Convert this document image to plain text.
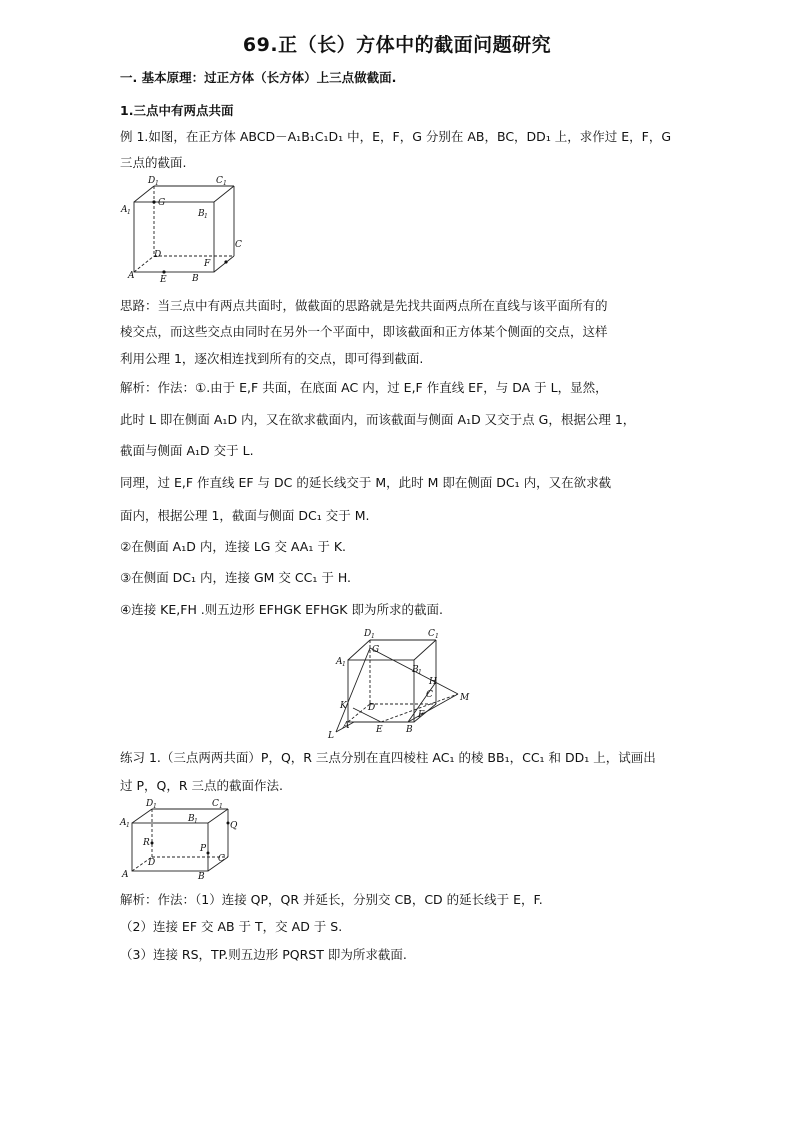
69.正（长）方体中的截面问题研究
一. 基本原理：过正方体（长方体）上三点做截面.
1.三点中有两点共面
例 1.如图，在正方体 ABCD－A₁B₁C₁D₁ 中，E，F，G 分别在 AB，BC，DD₁ 上，求作过 E，F，G
三点的截面.
D 1	C 1
A 1	B 1
G
C
D
F
A	E	B
思路：当三点中有两点共面时，做截面的思路就是先找共面两点所在直线与该平面所有的
棱交点，而这些交点由同时在另外一个平面中，即该截面和正方体某个侧面的交点，这样
利用公理 1，逐次相连找到所有的交点，即可得到截面.
解析：作法：①.由于 E,F 共面，在底面 AC 内，过 E,F 作直线 EF，与 DA 于 L，显然，
此时 L 即在侧面 A₁D 内，又在欲求截面内，而该截面与侧面 A₁D 又交于点 G，根据公理 1，
截面与侧面 A₁D 交于 L.
同理，过 E,F 作直线 EF 与 DC 的延长线交于 M，此时 M 即在侧面 DC₁ 内，又在欲求截
面内，根据公理 1，截面与侧面 DC₁ 交于 M.
②在侧面 A₁D 内，连接 LG 交 AA₁ 于 K.
③在侧面 DC₁ 内，连接 GM 交 CC₁ 于 H.
④连接 KE,FH .则五边形 EFHGK EFHGK 即为所求的截面.
D 1	C 1
A 1
G
B 1
H
C	M
K D
F
A	E	B
L
练习 1.（三点两两共面）P，Q，R 三点分别在直四棱柱 AC₁ 的棱 BB₁，CC₁ 和 DD₁ 上，试画出
过 P，Q，R 三点的截面作法.
D 1	C 1
A 1
B 1	Q
R
P
D	C
A	B
解析：作法：（1）连接 QP，QR 并延长，分别交 CB，CD 的延长线于 E，F.
（2）连接 EF 交 AB 于 T，交 AD 于 S.
（3）连接 RS，TP.则五边形 PQRST 即为所求截面.
